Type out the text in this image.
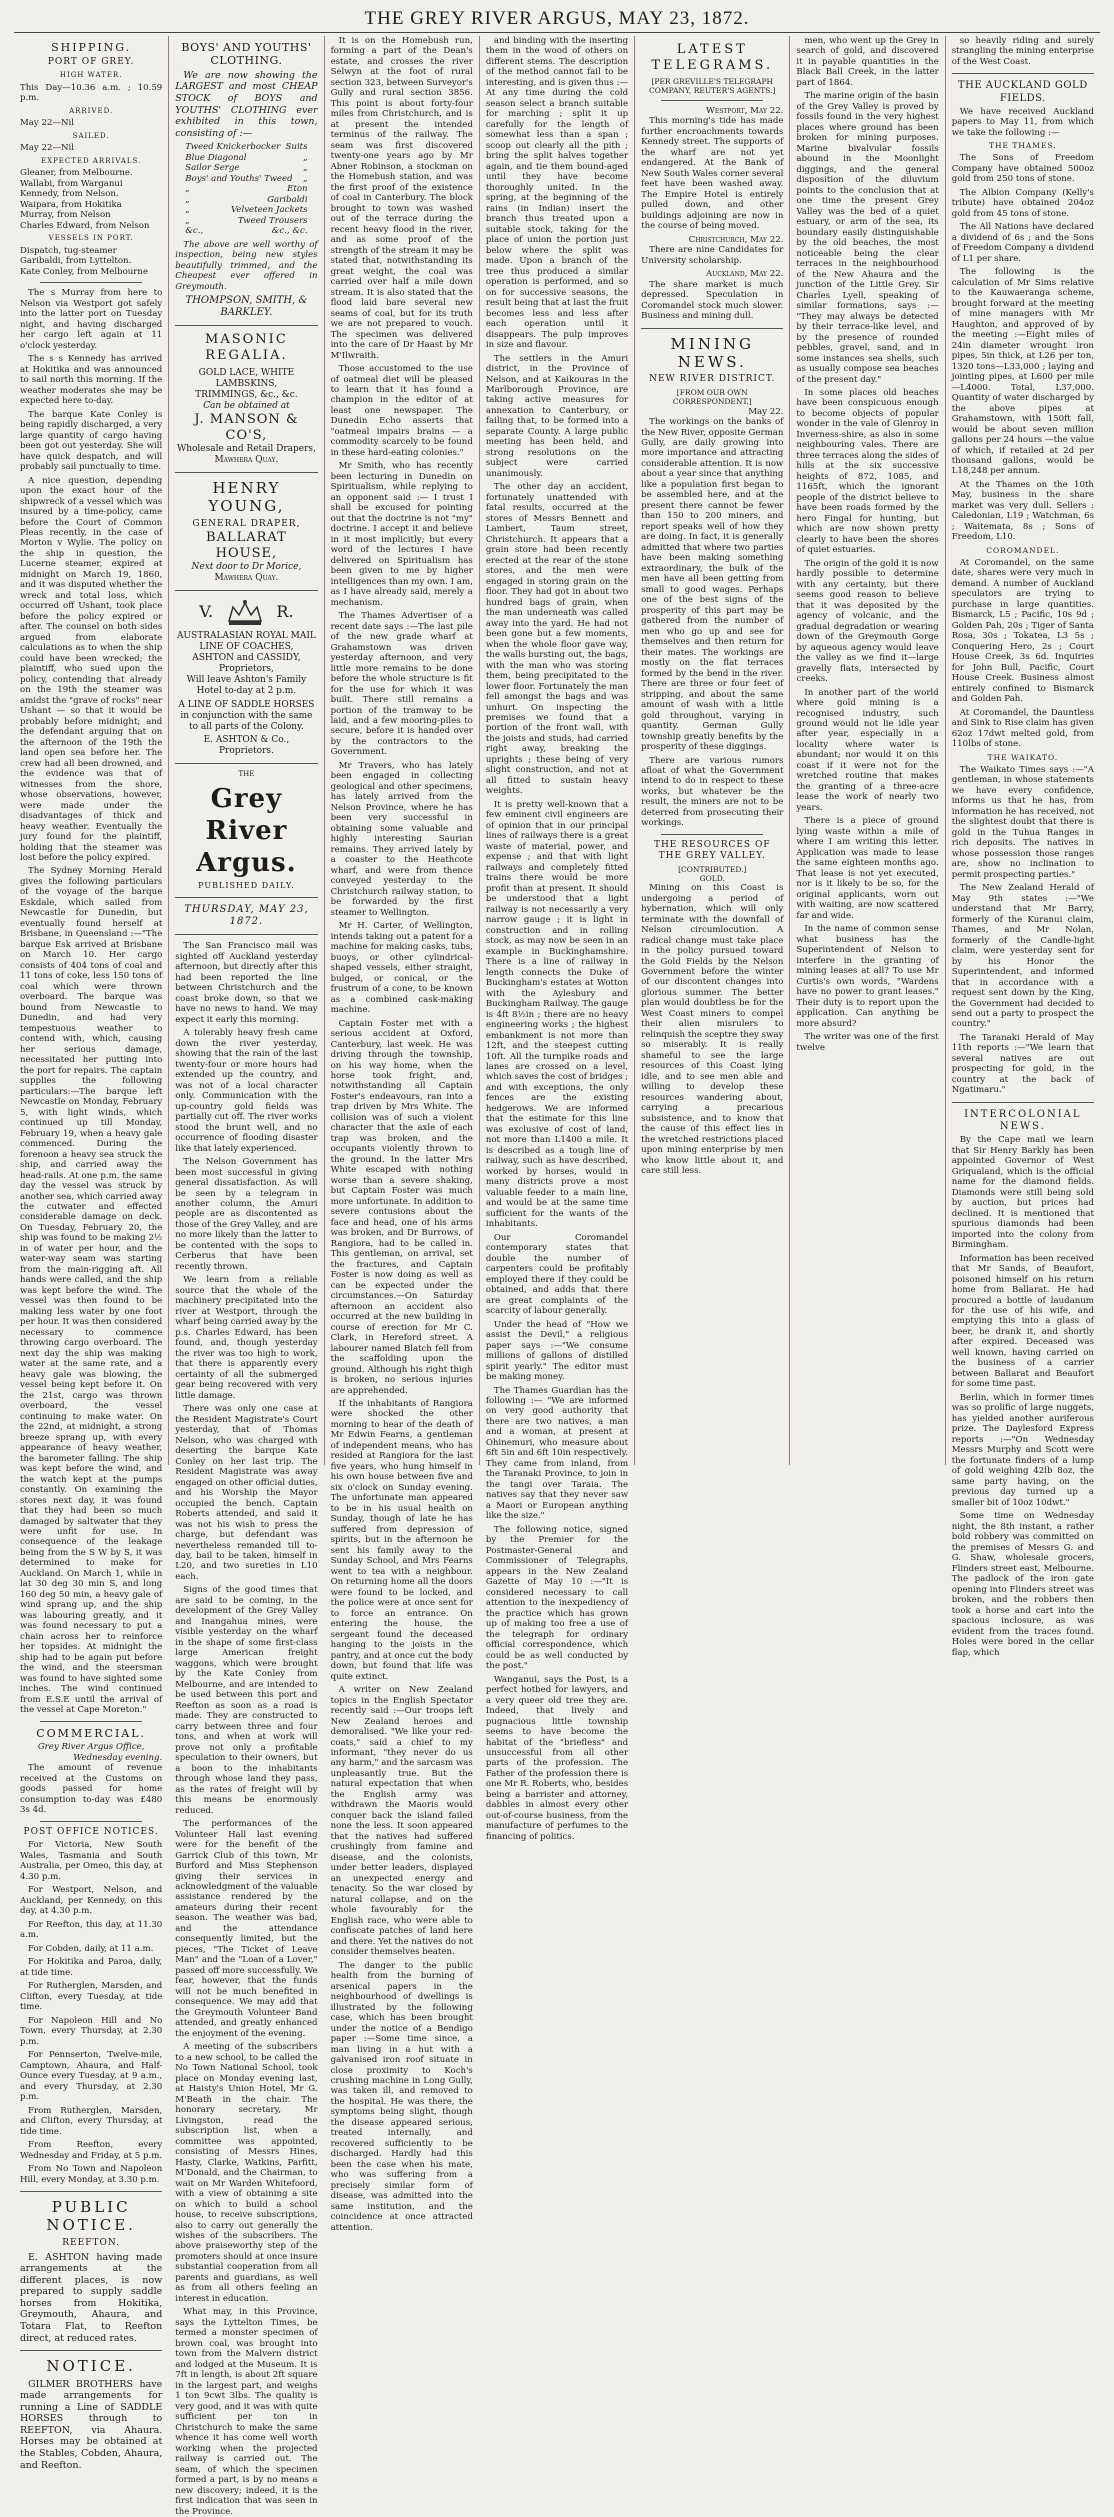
THE GREY RIVER ARGUS, MAY 23, 1872.
SHIPPING.
PORT OF GREY.
HIGH WATER.
This Day—10.36 a.m. ; 10.59 p.m.
ARRIVED.
May 22—Nil
SAILED.
May 22—Nil
EXPECTED ARRIVALS.
Gleaner, from Melbourne.
Wallabi, from Warganui
Kennedy, from Nelson.
Waipara, from Hokitika
Murray, from Nelson
Charles Edward, from Nelson
VESSELS IN PORT.
Dispatch, tug-steamer
Garibaldi, from Lyttelton.
Kate Conley, from Melbourne

The s Murray from here to Nelson via Westport got safely into the latter port on Tuesday night, and having discharged her cargo left again at 11 o'clock yesterday.

The s s Kennedy has arrived at Hokitika and was announced to sail north this morning. If the weather moderates she may be expected here to-day.

The barque Kate Conley is being rapidly discharged, a very large quantity of cargo having been got out yesterday. She will have quick despatch, and will probably sail punctually to time.

A nice question, depending upon the exact hour of the shipwreck of a vessel which was insured by a time-policy, came before the Court of Common Pleas recently, in the case of Morton v Wylie. The policy on the ship in question, the Lucerne steamer, expired at midnight on March 19, 1860, and it was disputed whether the wreck and total loss, which occurred off Ushant, took place before the policy expired or after. The counsel on both sides argued from elaborate calculations as to when the ship could have been wrecked; the plaintiff, who sued upon the policy, contending that already on the 19th the steamer was amidst the "grave of rocks" near Ushant — so that it would be probably before midnight; and the defendant arguing that on the afternoon of the 19th the land open sea before her. The crew had all been drowned, and the evidence was that of witnesses from the shore, whose observations, however, were made under the disadvantages of thick and heavy weather. Eventually the jury found for the plaintiff, holding that the steamer was lost before the policy expired.

The Sydney Morning Herald gives the following particulars of the voyage of the barque Eskdale, which sailed from Newcastle for Dunedin, but eventually found herself at Brisbane, in Queensland :—"The barque Esk arrived at Brisbane on March 10. Her cargo consists of 404 tons of coal and 11 tons of coke, less 150 tons of coal which were thrown overboard. The barque was bound from Newcastle to Dunedin, and had very tempestuous weather to contend with, which, causing her serious damage, necessitated her putting into the port for repairs. The captain supplies the following particulars:—The barque left Newcastle on Monday, February 5, with light winds, which continued up till Monday, February 19, when a heavy gale commenced. During the forenoon a heavy sea struck the ship, and carried away the head-rails. At one p.m. the same day the vessel was struck by another sea, which carried away the cutwater and effected considerable damage on deck. On Tuesday, February 20, the ship was found to be making 2½ in of water per hour, and the water-way seam was starting from the main-rigging aft. All hands were called, and the ship was kept before the wind. The vessel was then found to be making less water by one foot per hour. It was then considered necessary to commence throwing cargo overboard. The next day the ship was making water at the same rate, and a heavy gale was blowing, the vessel being kept before it. On the 21st, cargo was thrown overboard, the vessel continuing to make water. On the 22nd, at midnight, a strong breeze sprang up, with every appearance of heavy weather, the barometer falling. The ship was kept before the wind, and the watch kept at the pumps constantly. On examining the stores next day, it was found that they had been so much damaged by saltwater that they were unfit for use. In consequence of the leakage being from the S W by S, it was determined to make for Auckland. On March 1, while in lat 30 deg 30 min S, and long 160 deg 50 min, a heavy gale of wind sprang up, and the ship was labouring greatly, and it was found necessary to put a chain across her to reinforce her topsides. At midnight the ship had to be again put before the wind, and the steersman was found to have sighted some inches. The wind continued from E.S.E until the arrival of the vessel at Cape Moreton."

COMMERCIAL.
Grey River Argus Office,
Wednesday evening.

The amount of revenue received at the Customs on goods passed for home consumption to-day was £480 3s 4d.

POST OFFICE NOTICES.

For Victoria, New South Wales, Tasmania and South Australia, per Omeo, this day, at 4.30 p.m.

For Westport, Nelson, and Auckland, per Kennedy, on this day, at 4.30 p.m.

For Reefton, this day, at 11.30 a.m.

For Cobden, daily, at 11 a.m.

For Hokitika and Paroa, daily, at tide time.

For Rutherglen, Marsden, and Clifton, every Tuesday, at tide time.

For Napoleon Hill and No Town, every Thursday, at 2.30 p.m.

For Pennserton, Twelve-mile, Camptown, Ahaura, and Half-Ounce every Tuesday, at 9 a.m., and every Thursday, at 2.30 p.m.

From Rutherglen, Marsden, and Clifton, every Thursday, at tide time.

From Reefton, every Wednesday and Friday, at 5 p.m.

From No Town and Napoleon Hill, every Monday, at 3.30 p.m.

PUBLIC NOTICE.
REEFTON.

E. ASHTON having made arrangements at the different places, is now prepared to supply saddle horses from Hokitika, Greymouth, Ahaura, and Totara Flat, to Reefton direct, at reduced rates.

NOTICE.

GILMER BROTHERS have made arrangements for running a Line of SADDLE HORSES through to REEFTON, via Ahaura. Horses may be obtained at the Stables, Cobden, Ahaura, and Reefton.

BOYS' AND YOUTHS' CLOTHING.

We are now showing the LARGEST and most CHEAP STOCK of BOYS and YOUTHS' CLOTHING ever exhibited in this town, consisting of :—

Tweed Knickerbocker Suits
Blue Diagonal	„
Sailor Serge	„
Boys' and Youths' Tweed „
„	Eton
„	Garibaldi
„	Velveteen Jackets
„	Tweed Trousers
&c.,	&c., &c.

The above are well worthy of inspection, being new styles beautifully trimmed, and the Cheapest ever offered in Greymouth.

THOMPSON, SMITH, & BARKLEY.
MASONIC REGALIA.
GOLD LACE, WHITE LAMBSKINS,
TRIMMINGS, &c., &c.
Can be obtained at
J. MANSON & CO'S,
Wholesale and Retail Drapers,
Mawhera Quay.
HENRY YOUNG,
GENERAL DRAPER,
BALLARAT HOUSE,
Next door to Dr Morice,
Mawhera Quay.
V.	R.
AUSTRALASIAN ROYAL MAIL LINE OF COACHES,
ASHTON and CASSIDY, Proprietors,
Will leave Ashton's Family Hotel to-day at 2 p.m.
A LINE OF SADDLE HORSES
in conjunction with the same to all parts of the Colony.
E. ASHTON & Co., Proprietors.
THE
Grey River Argus.
PUBLISHED DAILY.
THURSDAY, MAY 23, 1872.

The San Francisco mail was sighted off Auckland yesterday afternoon, but directly after this had been reported the line between Christchurch and the coast broke down, so that we have no news to hand. We may expect it early this morning.

A tolerably heavy fresh came down the river yesterday, showing that the rain of the last twenty-four or more hours had extended up the country, and was not of a local character only. Communication with the up-country gold fields was partially cut off. The river works stood the brunt well, and no occurrence of flooding disaster like that lately experienced.

The Nelson Government has been most successful in giving general dissatisfaction. As will be seen by a telegram in another column, the Amuri people are as discontented as those of the Grey Valley, and are no more likely than the latter to be contented with the sops to Cerberus that have been recently thrown.

We learn from a reliable source that the whole of the machinery precipitated into the river at Westport, through the wharf being carried away by the p.s. Charles Edward, has been found, and, though yesterday the river was too high to work, that there is apparently every certainty of all the submerged gear being recovered with very little damage.

There was only one case at the Resident Magistrate's Court yesterday, that of Thomas Nelson, who was charged with deserting the barque Kate Conley on her last trip. The Resident Magistrate was away engaged on other official duties, and his Worship the Mayor occupied the bench. Captain Roberts attended, and said it was not his wish to press the charge, but defendant was nevertheless remanded till to-day, bail to be taken, himself in L20, and two sureties in L10 each.

Signs of the good times that are said to be coming, in the development of the Grey Valley and Inangahua mines, were visible yesterday on the wharf in the shape of some first-class large American freight waggons, which were brought by the Kate Conley from Melbourne, and are intended to be used between this port and Reefton as soon as a road is made. They are constructed to carry between three and four tons, and when at work will prove not only a profitable speculation to their owners, but a boon to the inhabitants through whose land they pass, as the rates of freight will by this means be enormously reduced.

The performances of the Volunteer Hall last evening were for the benefit of the Garrick Club of this town, Mr Burford and Miss Stephenson giving their services in acknowledgment of the valuable assistance rendered by the amateurs during their recent season. The weather was bad, and the attendance consequently limited, but the pieces, "The Ticket of Leave Man" and the "Loan of a Lover," passed off more successfully. We fear, however, that the funds will not be much benefited in consequence. We may add that the Greymouth Volunteer Band attended, and greatly enhanced the enjoyment of the evening.

A meeting of the subscribers to a new school, to be called the No Town National School, took place on Monday evening last, at Haisty's Union Hotel, Mr G. M'Beath in the chair. The honorary secretary, Mr Livingston, read the subscription list, when a committee was appointed, consisting of Messrs Hines, Hasty, Clarke, Watkins, Parfitt, M'Donald, and the Chairman, to wait on Mr Warden Whitefoord, with a view of obtaining a site on which to build a school house, to receive subscriptions, also to carry out generally the wishes of the subscribers. The above praiseworthy step of the promoters should at once insure substantial cooperation from all parents and guardians, as well as from all others feeling an interest in education.

What may, in this Province, says the Lyttelton Times, be termed a monster specimen of brown coal, was brought into town from the Malvern district and lodged at the Museum. It is 7ft in length, is about 2ft square in the largest part, and weighs 1 ton 9cwt 3lbs. The quality is very good, and it was with quite sufficient per ton in Christchurch to make the same whence it has come well worth working when the projected railway is carried out. The seam, of which the specimen formed a part, is by no means a new discovery; indeed, it is the first indication that was seen in the Province.

It is on the Homebush run, forming a part of the Dean's estate, and crosses the river Selwyn at the foot of rural section 323, between Surveyor's Gully and rural section 3856. This point is about forty-four miles from Christchurch, and is at present the intended terminus of the railway. The seam was first discovered twenty-one years ago by Mr Abner Robinson, a stockman on the Homebush station, and was the first proof of the existence of coal in Canterbury. The block brought to town was washed out of the terrace during the recent heavy flood in the river, and as some proof of the strength of the stream it may be stated that, notwithstanding its great weight, the coal was carried over half a mile down stream. It is also stated that the flood laid bare several new seams of coal, but for its truth we are not prepared to vouch. The specimen was delivered into the care of Dr Haast by Mr M'Ilwraith.

Those accustomed to the use of oatmeal diet will be pleased to learn that it has found a champion in the editor of at least one newspaper. The Dunedin Echo asserts that "oatmeal impairs brains — a commodity scarcely to be found in these hard-eating colonies."

Mr Smith, who has recently been lecturing in Dunedin on Spiritualism, while replying to an opponent said :— I trust I shall be excused for pointing out that the doctrine is not "my" doctrine. I accept it and believe in it most implicitly; but every word of the lectures I have delivered on Spiritualism has been given to me by higher intelligences than my own. I am, as I have already said, merely a mechanism.

The Thames Advertiser of a recent date says :—The last pile of the new grade wharf at Grahamstown was driven yesterday afternoon, and very little more remains to be done before the whole structure is fit for the use for which it was built. There still remains a portion of the tramway to be laid, and a few mooring-piles to secure, before it is handed over by the contractors to the Government.

Mr Travers, who has lately been engaged in collecting geological and other specimens, has lately arrived from the Nelson Province, where he has been very successful in obtaining some valuable and highly interesting Saurian remains. They arrived lately by a coaster to the Heathcote wharf, and were from thence conveyed yesterday to the Christchurch railway station, to be forwarded by the first steamer to Wellington.

Mr H. Carter, of Wellington, intends taking out a patent for a machine for making casks, tubs, buoys, or other cylindrical-shaped vessels, either straight, bulged, or conical, or the frustrum of a cone, to be known as a combined cask-making machine.

Captain Foster met with a serious accident at Oxford, Canterbury, last week. He was driving through the township, on his way home, when the horse took fright, and, notwithstanding all Captain Foster's endeavours, ran into a trap driven by Mrs White. The collision was of such a violent character that the axle of each trap was broken, and the occupants violently thrown to the ground. In the latter Mrs White escaped with nothing worse than a severe shaking, but Captain Foster was much more unfortunate. In addition to severe contusions about the face and head, one of his arms was broken, and Dr Burrows, of Rangiora, had to be called in. This gentleman, on arrival, set the fractures, and Captain Foster is now doing as well as can be expected under the circumstances.—On Saturday afternoon an accident also occurred at the new building in course of erection for Mr C. Clark, in Hereford street. A labourer named Blatch fell from the scaffolding upon the ground. Although his right thigh is broken, no serious injuries are apprehended.

If the inhabitants of Rangiora were shocked the other morning to hear of the death of Mr Edwin Fearns, a gentleman of independent means, who has resided at Rangiora for the last five years, who hung himself in his own house between five and six o'clock on Sunday evening. The unfortunate man appeared to be in his usual health on Sunday, though of late he has suffered from depression of spirits, but in the afternoon he sent his family away to the Sunday School, and Mrs Fearns went to tea with a neighbour. On returning home all the doors were found to be locked, and the police were at once sent for to force an entrance. On entering the house, the sergeant found the deceased hanging to the joists in the pantry, and at once cut the body down, but found that life was quite extinct.

A writer on New Zealand topics in the English Spectator recently said :—Our troops left New Zealand heroes and demoralised. "We like your red-coats," said a chief to my informant, "they never do us any harm," and the sarcasm was unpleasantly true. But the natural expectation that when the English army was withdrawn the Maoris would conquer back the island failed none the less. It soon appeared that the natives had suffered crushingly from famine and disease, and the colonists, under better leaders, displayed an unexpected energy and tenacity. So the war closed by natural collapse, and on the whole favourably for the English race, who were able to confiscate patches of land here and there. Yet the natives do not consider themselves beaten.

The danger to the public health from the burning of arsenical papers in the neighbourhood of dwellings is illustrated by the following case, which has been brought under the notice of a Bendigo paper :—Some time since, a man living in a hut with a galvanised iron roof situate in close proximity to Koch's crushing machine in Long Gully, was taken ill, and removed to the hospital. He was there, the symptoms being slight, though the disease appeared serious, treated internally, and recovered sufficiently to be discharged. Hardly had this been the case when his mate, who was suffering from a precisely similar form of disease, was admitted into the same institution, and the coincidence at once attracted attention.

and binding with the inserting them in the wood of others on different stems. The description of the method cannot fail to be interesting, and is given thus :—At any time during the cold season select a branch suitable for marching ; split it up carefully for the length of somewhat less than a span ; scoop out clearly all the pith ; bring the split halves together again, and tie them bound-aged until they have become thoroughly united. In the spring, at the beginning of the rains (in Indian) insert the branch thus treated upon a suitable stock, taking for the place of union the portion just below where the split was made. Upon a branch of the tree thus produced a similar operation is performed, and so on for successive seasons, the result being that at last the fruit becomes less and less after each operation until it disappears. The pulp improves in size and flavour.

The settlers in the Amuri district, in the Province of Nelson, and at Kaikouras in the Marlborough Province, are taking active measures for annexation to Canterbury, or failing that, to be formed into a separate County. A large public meeting has been held, and strong resolutions on the subject were carried unanimously.

The other day an accident, fortunately unattended with fatal results, occurred at the stores of Messrs Bennett and Lambert, Taum street, Christchurch. It appears that a grain store had been recently erected at the rear of the stone stores, and the men were engaged in storing grain on the floor. They had got in about two hundred bags of grain, when the man underneath was called away into the yard. He had not been gone but a few moments, when the whole floor gave way, the walls bursting out, the bags, with the man who was storing them, being precipitated to the lower floor. Fortunately the man fell amongst the bags and was unhurt. On inspecting the premises we found that a portion of the front wall, with the joists and studs, had carried right away, breaking the uprights ; these being of very slight construction, and not at all fitted to sustain heavy weights.

It is pretty well-known that a few eminent civil engineers are of opinion that in our principal lines of railways there is a great waste of material, power, and expense ; and that with light railways and completely fitted trains there would be more profit than at present. It should be understood that a light railway is not necessarily a very narrow gauge ; it is light in construction and in rolling stock, as may now be seen in an example in Buckinghamshire. There is a line of railway in length connects the Duke of Buckingham's estates at Wotton with the Aylesbury and Buckingham Railway. The gauge is 4ft 8½in ; there are no heavy engineering works ; the highest embankment is not more than 12ft, and the steepest cutting 10ft. All the turnpike roads and lanes are crossed on a level, which saves the cost of bridges ; and with exceptions, the only fences are the existing hedgerows. We are informed that the estimate for this line was exclusive of cost of land, not more than L1400 a mile. It is described as a tough line of railway, such as have described, worked by horses, would in many districts prove a most valuable feeder to a main line, and would be at the same time sufficient for the wants of the inhabitants.

Our Coromandel contemporary states that double the number of carpenters could be profitably employed there if they could be obtained, and adds that there are great complaints of the scarcity of labour generally.

Under the head of "How we assist the Devil," a religious paper says :—"We consume millions of gallons of distilled spirit yearly." The editor must be making money.

The Thames Guardian has the following :— "We are informed on very good authority that there are two natives, a man and a woman, at present at Ohinemuri, who measure about 6ft 5in and 6ft 10in respectively. They came from inland, from the Taranaki Province, to join in the tangi over Taraia. The natives say that they never saw a Maori or European anything like the size."

The following notice, signed by the Premier for the Postmaster-General and Commissioner of Telegraphs, appears in the New Zealand Gazette of May 10 :—"It is considered necessary to call attention to the inexpediency of the practice which has grown up of making too free a use of the telegraph for ordinary official correspondence, which could be as well conducted by the post."

Wanganui, says the Post, is a perfect hotbed for lawyers, and a very queer old tree they are. Indeed, that lively and pugnacious little township seems to have become the habitat of the "briefless" and unsuccessful from all other parts of the profession. The Father of the profession there is one Mr R. Roberts, who, besides being a barrister and attorney, dabbles in almost every other out-of-course business, from the manufacture of perfumes to the financing of politics.

LATEST TELEGRAMS.
[PER GREVILLE'S TELEGRAPH COMPANY, REUTER'S AGENTS.]
Westport, May 22.

This morning's tide has made further encroachments towards Kennedy street. The supports of the wharf are not yet endangered. At the Bank of New South Wales corner several feet have been washed away. The Empire Hotel is entirely pulled down, and other buildings adjoining are now in the course of being moved.

Christchurch, May 22.

There are nine Candidates for University scholarship.

Auckland, May 22.

The share market is much depressed. Speculation in Coromandel stock much slower. Business and mining dull.

MINING NEWS.
NEW RIVER DISTRICT.
[FROM OUR OWN CORRESPONDENT.]
May 22.

The workings on the banks of the New River, opposite German Gully, are daily growing into more importance and attracting considerable attention. It is now about a year since that anything like a population first began to be assembled here, and at the present there cannot be fewer than 150 to 200 miners, and report speaks well of how they are doing. In fact, it is generally admitted that where two parties have been making something extraordinary, the bulk of the men have all been getting from small to good wages. Perhaps one of the best signs of the prosperity of this part may be gathered from the number of men who go up and see for themselves and then return for their mates. The workings are mostly on the flat terraces formed by the bend in the river. There are three or four feet of stripping, and about the same amount of wash with a little gold throughout, varying in quantity. German Gully township greatly benefits by the prosperity of these diggings.

There are various rumors afloat of what the Government intend to do in respect to these works, but whatever be the result, the miners are not to be deterred from prosecuting their workings.

THE RESOURCES OF THE GREY VALLEY.
[CONTRIBUTED.]
GOLD.

Mining on this Coast is undergoing a period of hybernation, which will only terminate with the downfall of Nelson circumlocution. A radical change must take place in the policy pursued toward the Gold Fields by the Nelson Government before the winter of our discontent changes into glorious summer. The better plan would doubtless be for the West Coast miners to compel their alien misrulers to relinquish the sceptre they sway so miserably. It is really shameful to see the large resources of this Coast lying idle, and to see men able and willing to develop these resources wandering about, carrying a precarious subsistence, and to know that the cause of this effect lies in the wretched restrictions placed upon mining enterprise by men who know little about it, and care still less.

men, who went up the Grey in search of gold, and discovered it in payable quantities in the Black Ball Creek, in the latter part of 1864.

The marine origin of the basin of the Grey Valley is proved by fossils found in the very highest places where ground has been broken for mining purposes. Marine bivalvular fossils abound in the Moonlight diggings, and the general disposition of the diluvium points to the conclusion that at one time the present Grey Valley was the bed of a quiet estuary, or arm of the sea, its boundary easily distinguishable by the old beaches, the most noticeable being the clear terraces in the neighbourhood of the New Ahaura and the junction of the Little Grey. Sir Charles Lyell, speaking of similar formations, says :— "They may always be detected by their terrace-like level, and by the presence of rounded pebbles, gravel, sand, and in some instances sea shells, such as usually compose sea beaches of the present day."

In some places old beaches have been conspicuous enough to become objects of popular wonder in the vale of Glenroy in Inverness-shire, as also in some neighbouring vales. There are three terraces along the sides of hills at the six successive heights of 872, 1085, and 1165ft, which the ignorant people of the district believe to have been roads formed by the hero Fingal for hunting, but which are now shown pretty clearly to have been the shores of quiet estuaries.

The origin of the gold it is now hardly possible to determine with any certainty, but there seems good reason to believe that it was deposited by the agency of volcanic, and the gradual degradation or wearing down of the Greymouth Gorge by aqueous agency would leave the valley as we find it—large gravelly flats, intersected by creeks.

In another part of the world where gold mining is a recognised industry, such ground would not lie idle year after year, especially in a locality where water is abundant; nor would it on this coast if it were not for the wretched routine that makes the granting of a three-acre lease the work of nearly two years.

There is a piece of ground lying waste within a mile of where I am writing this letter. Application was made to lease the same eighteen months ago. That lease is not yet executed, nor is it likely to be so, for the original applicants, worn out with waiting, are now scattered far and wide.

In the name of common sense what business has the Superintendent of Nelson to interfere in the granting of mining leases at all? To use Mr Curtis's own words, "Wardens have no power to grant leases." Their duty is to report upon the application. Can anything be more absurd?

The writer was one of the first twelve

so heavily riding and surely strangling the mining enterprise of the West Coast.

THE AUCKLAND GOLD FIELDS.

We have received Auckland papers to May 11, from which we take the following :—

THE THAMES.

The Sons of Freedom Company have obtained 500oz gold from 250 tons of stone.

The Albion Company (Kelly's tribute) have obtained 204oz gold from 45 tons of stone.

The All Nations have declared a dividend of 6s ; and the Sons of Freedom Company a dividend of L1 per share.

The following is the calculation of Mr Sims relative to the Kauwaeranga scheme, brought forward at the meeting of mine managers with Mr Haughton, and approved of by the meeting :—Eight miles of 24in diameter wrought iron pipes, 5in thick, at L26 per ton, 1320 tons—L33,000 ; laying and jointing pipes, at L600 per mile—L4000. Total, L37,000. Quantity of water discharged by the above pipes at Grahamstown, with 150ft fall, would be about seven million gallons per 24 hours —the value of which, if retailed at 2d per thousand gallons, would be L18,248 per annum.

At the Thames on the 10th May, business in the share market was very dull. Sellers : Caledonian, L19 ; Watchman, 6s ; Waitemata, 8s ; Sons of Freedom, L10.

COROMANDEL.

At Coromandel, on the same date, shares were very much in demand. A number of Auckland speculators are trying to purchase in large quantities. Bismarck, L5 ; Pacific, 10s 9d ; Golden Pah, 20s ; Tiger of Santa Rosa, 30s ; Tokatea, L3 5s ; Conquering Hero, 2s ; Court House Creek, 3s 6d. Inquiries for John Bull, Pacific, Court House Creek. Business almost entirely confined to Bismarck and Golden Pah.

At Coromandel, the Dauntless and Sink to Rise claim has given 62oz 17dwt melted gold, from 110lbs of stone.

THE WAIKATO.

The Waikato Times says :—"A gentleman, in whose statements we have every confidence, informs us that he has, from information he has received, not the slightest doubt that there is gold in the Tuhua Ranges in rich deposits. The natives in whose possession those ranges are, show no inclination to permit prospecting parties."

The New Zealand Herald of May 9th states :—"We understand that Mr Barry, formerly of the Kuranui claim, Thames, and Mr Nolan, formerly of the Candle-light claim, were yesterday sent for by his Honor the Superintendent, and informed that in accordance with a request sent down by the King, the Government had decided to send out a party to prospect the country."

The Taranaki Herald of May 11th reports :—"We learn that several natives are out prospecting for gold, in the country at the back of Ngatimaru."

INTERCOLONIAL NEWS.

By the Cape mail we learn that Sir Henry Barkly has been appointed Governor of West Griqualand, which is the official name for the diamond fields. Diamonds were still being sold by auction, but prices had declined. It is mentioned that spurious diamonds had been imported into the colony from Birmingham.

Information has been received that Mr Sands, of Beaufort, poisoned himself on his return home from Ballarat. He had procured a bottle of laudanum for the use of his wife, and emptying this into a glass of beer, he drank it, and shortly after expired. Deceased was well known, having carried on the business of a carrier between Ballarat and Beaufort for some time past.

Berlin, which in former times was so prolific of large nuggets, has yielded another auriferous prize. The Daylesford Express reports :—"On Wednesday Messrs Murphy and Scott were the fortunate finders of a lump of gold weighing 42lb 8oz, the same party having, on the previous day turned up a smaller bit of 10oz 10dwt."

Some time on Wednesday night, the 8th instant, a rather bold robbery was committed on the premises of Messrs G. and G. Shaw, wholesale grocers, Flinders street east, Melbourne. The padlock of the iron gate opening into Flinders street was broken, and the robbers then took a horse and cart into the spacious inclosure, as was evident from the traces found. Holes were bored in the cellar flap, which
